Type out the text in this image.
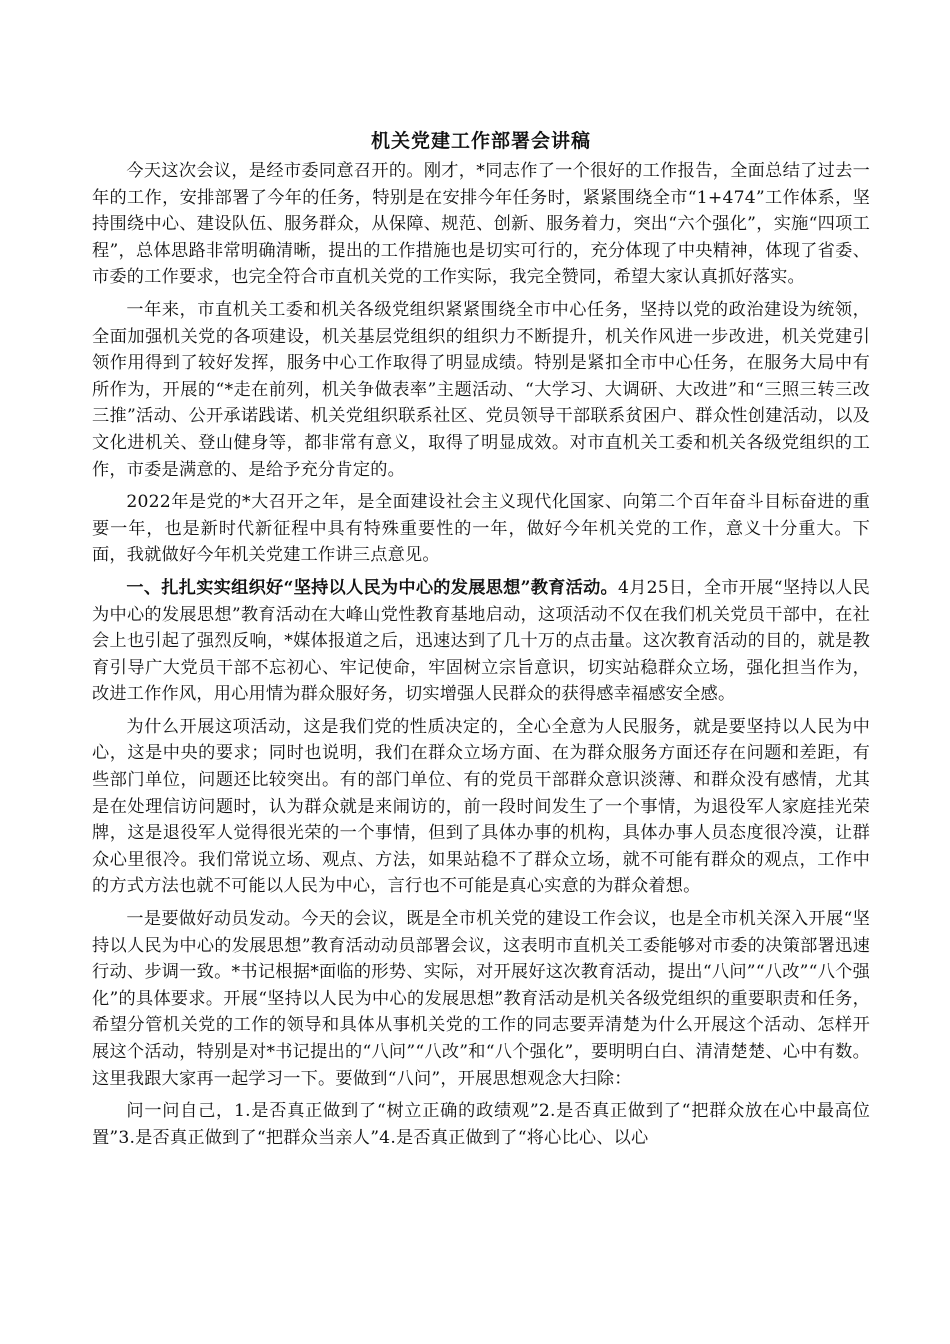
机关党建工作部署会讲稿

今天这次会议，是经市委同意召开的。刚才，*同志作了一个很好的工作报告，全面总结了过去一年的工作，安排部署了今年的任务，特别是在安排今年任务时，紧紧围绕全市“1+474”工作体系，坚持围绕中心、建设队伍、服务群众，从保障、规范、创新、服务着力，突出“六个强化”，实施“四项工程”，总体思路非常明确清晰，提出的工作措施也是切实可行的，充分体现了中央精神，体现了省委、市委的工作要求，也完全符合市直机关党的工作实际，我完全赞同，希望大家认真抓好落实。

一年来，市直机关工委和机关各级党组织紧紧围绕全市中心任务，坚持以党的政治建设为统领，全面加强机关党的各项建设，机关基层党组织的组织力不断提升，机关作风进一步改进，机关党建引领作用得到了较好发挥，服务中心工作取得了明显成绩。特别是紧扣全市中心任务，在服务大局中有所作为，开展的“*走在前列，机关争做表率”主题活动、“大学习、大调研、大改进”和“三照三转三改三推”活动、公开承诺践诺、机关党组织联系社区、党员领导干部联系贫困户、群众性创建活动，以及文化进机关、登山健身等，都非常有意义，取得了明显成效。对市直机关工委和机关各级党组织的工作，市委是满意的、是给予充分肯定的。

2022年是党的*大召开之年，是全面建设社会主义现代化国家、向第二个百年奋斗目标奋进的重要一年，也是新时代新征程中具有特殊重要性的一年，做好今年机关党的工作，意义十分重大。下面，我就做好今年机关党建工作讲三点意见。

一、扎扎实实组织好“坚持以人民为中心的发展思想”教育活动。4月25日，全市开展“坚持以人民为中心的发展思想”教育活动在大峰山党性教育基地启动，这项活动不仅在我们机关党员干部中，在社会上也引起了强烈反响，*媒体报道之后，迅速达到了几十万的点击量。这次教育活动的目的，就是教育引导广大党员干部不忘初心、牢记使命，牢固树立宗旨意识，切实站稳群众立场，强化担当作为，改进工作作风，用心用情为群众服好务，切实增强人民群众的获得感幸福感安全感。

为什么开展这项活动，这是我们党的性质决定的，全心全意为人民服务，就是要坚持以人民为中心，这是中央的要求；同时也说明，我们在群众立场方面、在为群众服务方面还存在问题和差距，有些部门单位，问题还比较突出。有的部门单位、有的党员干部群众意识淡薄、和群众没有感情，尤其是在处理信访问题时，认为群众就是来闹访的，前一段时间发生了一个事情，为退役军人家庭挂光荣牌，这是退役军人觉得很光荣的一个事情，但到了具体办事的机构，具体办事人员态度很冷漠，让群众心里很冷。我们常说立场、观点、方法，如果站稳不了群众立场，就不可能有群众的观点，工作中的方式方法也就不可能以人民为中心，言行也不可能是真心实意的为群众着想。

一是要做好动员发动。今天的会议，既是全市机关党的建设工作会议，也是全市机关深入开展“坚持以人民为中心的发展思想”教育活动动员部署会议，这表明市直机关工委能够对市委的决策部署迅速行动、步调一致。*书记根据*面临的形势、实际，对开展好这次教育活动，提出“八问”“八改”“八个强化”的具体要求。开展“坚持以人民为中心的发展思想”教育活动是机关各级党组织的重要职责和任务，希望分管机关党的工作的领导和具体从事机关党的工作的同志要弄清楚为什么开展这个活动、怎样开展这个活动，特别是对*书记提出的“八问”“八改”和“八个强化”，要明明白白、清清楚楚、心中有数。这里我跟大家再一起学习一下。要做到“八问”，开展思想观念大扫除：

问一问自己，1.是否真正做到了“树立正确的政绩观”2.是否真正做到了“把群众放在心中最高位置”3.是否真正做到了“把群众当亲人”4.是否真正做到了“将心比心、以心
